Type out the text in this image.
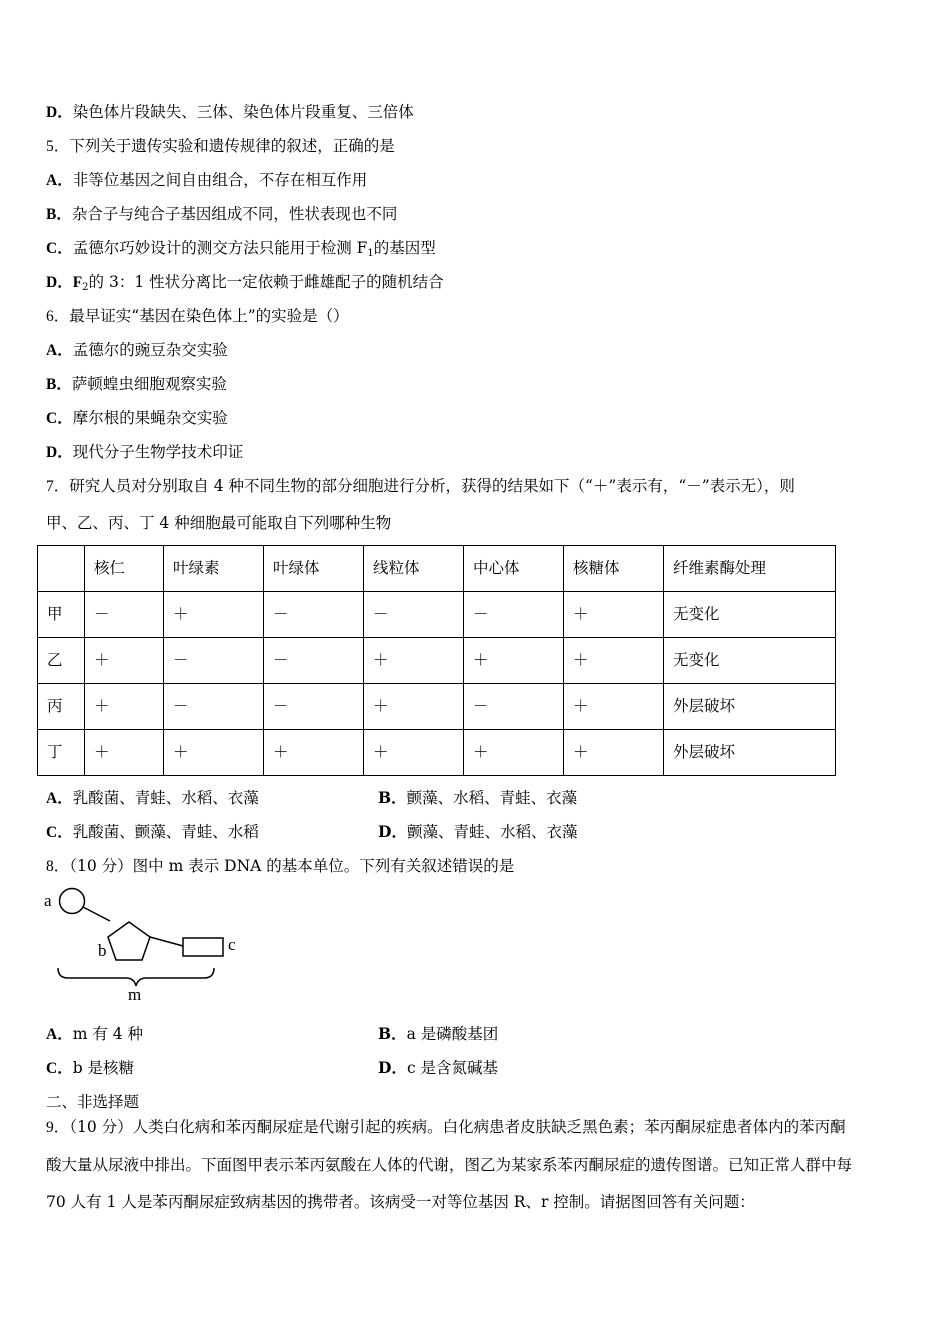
D．染色体片段缺失、三体、染色体片段重复、三倍体
5．下列关于遗传实验和遗传规律的叙述，正确的是
A．非等位基因之间自由组合，不存在相互作用
B．杂合子与纯合子基因组成不同，性状表现也不同
C．孟德尔巧妙设计的测交方法只能用于检测 $F_1$的基因型
D．$F_2$的 3：1 性状分离比一定依赖于雌雄配子的随机结合
6．最早证实“基因在染色体上”的实验是（）
A．孟德尔的豌豆杂交实验
B．萨顿蝗虫细胞观察实验
C．摩尔根的果蝇杂交实验
D．现代分子生物学技术印证
7．研究人员对分别取自 4 种不同生物的部分细胞进行分析，获得的结果如下（“＋”表示有，“－”表示无），则
甲、乙、丙、丁 4 种细胞最可能取自下列哪种生物
	核仁	叶绿素	叶绿体	线粒体	中心体	核糖体	纤维素酶处理
甲	－	＋	－	－	－	＋	无变化
乙	＋	－	－	＋	＋	＋	无变化
丙	＋	－	－	＋	－	＋	外层破坏
丁	＋	＋	＋	＋	＋	＋	外层破坏
A．乳酸菌、青蛙、水稻、衣藻	B．颤藻、水稻、青蛙、衣藻
C．乳酸菌、颤藻、青蛙、水稻	D．颤藻、青蛙、水稻、衣藻
8．（10 分）图中 m 表示 DNA 的基本单位。下列有关叙述错误的是
a
b	c
m
A．m 有 4 种	B．a 是磷酸基团
C．b 是核糖	D．c 是含氮碱基
二、非选择题
9．（10 分）人类白化病和苯丙酮尿症是代谢引起的疾病。白化病患者皮肤缺乏黑色素；苯丙酮尿症患者体内的苯丙酮
酸大量从尿液中排出。下面图甲表示苯丙氨酸在人体的代谢，图乙为某家系苯丙酮尿症的遗传图谱。已知正常人群中每
70 人有 1 人是苯丙酮尿症致病基因的携带者。该病受一对等位基因 R、r 控制。请据图回答有关问题：
